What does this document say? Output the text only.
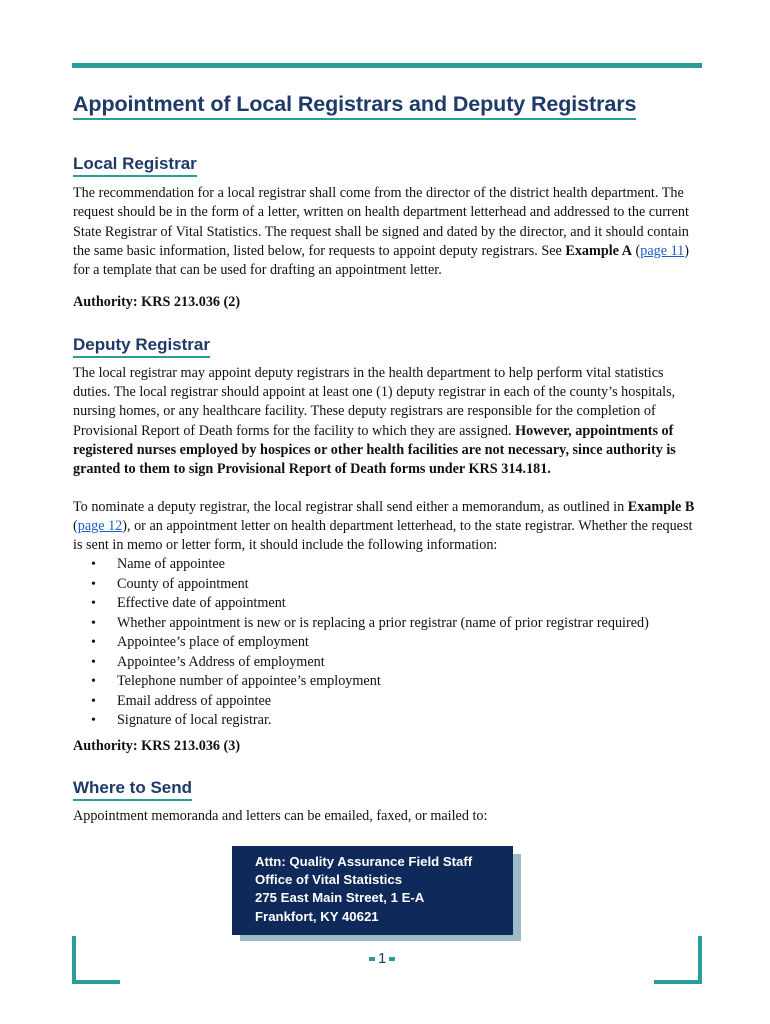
Appointment of Local Registrars and Deputy Registrars
Local Registrar

The recommendation for a local registrar shall come from the director of the district health department. The request should be in the form of a letter, written on health department letterhead and addressed to the current State Registrar of Vital Statistics. The request shall be signed and dated by the director, and it should contain the same basic information, listed below, for requests to appoint deputy registrars. See Example A (page 11) for a template that can be used for drafting an appointment letter.

Authority: KRS 213.036 (2)

Deputy Registrar

The local registrar may appoint deputy registrars in the health department to help perform vital statistics duties. The local registrar should appoint at least one (1) deputy registrar in each of the county’s hospitals, nursing homes, or any healthcare facility. These deputy registrars are responsible for the completion of Provisional Report of Death forms for the facility to which they are assigned. However, appointments of registered nurses employed by hospices or other health facilities are not necessary, since authority is granted to them to sign Provisional Report of Death forms under KRS 314.181.

To nominate a deputy registrar, the local registrar shall send either a memorandum, as outlined in Example B (page 12), or an appointment letter on health department letterhead, to the state registrar. Whether the request is sent in memo or letter form, it should include the following information:

• Name of appointee
• County of appointment
• Effective date of appointment
• Whether appointment is new or is replacing a prior registrar (name of prior registrar required)
• Appointee’s place of employment
• Appointee’s Address of employment
• Telephone number of appointee’s employment
• Email address of appointee
• Signature of local registrar.

Authority: KRS 213.036 (3)

Where to Send

Appointment memoranda and letters can be emailed, faxed, or mailed to:

Attn: Quality Assurance Field Staff
Office of Vital Statistics
275 East Main Street, 1 E-A
Frankfort, KY 40621
1
